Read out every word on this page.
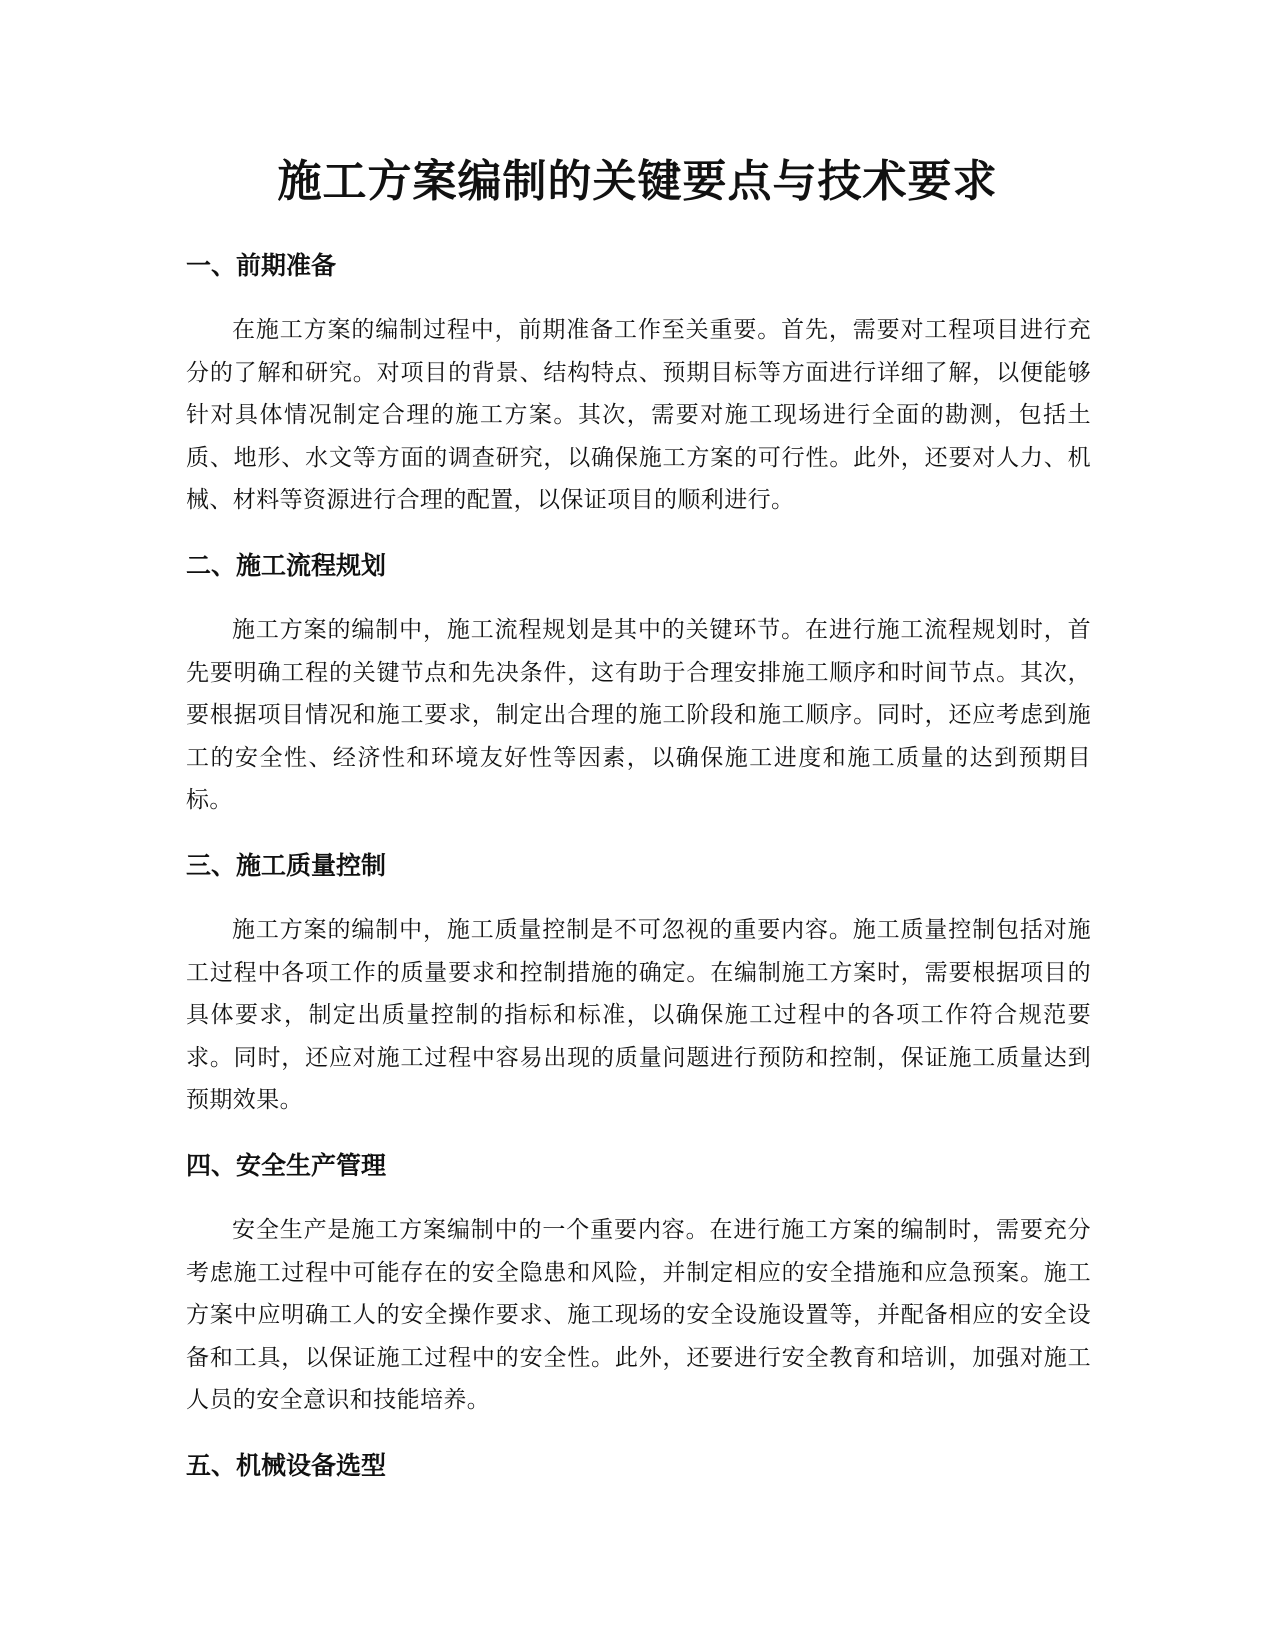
施工方案编制的关键要点与技术要求
一、前期准备

在施工方案的编制过程中，前期准备工作至关重要。首先，需要对工程项目进行充分的了解和研究。对项目的背景、结构特点、预期目标等方面进行详细了解，以便能够针对具体情况制定合理的施工方案。其次，需要对施工现场进行全面的勘测，包括土质、地形、水文等方面的调查研究，以确保施工方案的可行性。此外，还要对人力、机械、材料等资源进行合理的配置，以保证项目的顺利进行。

二、施工流程规划

施工方案的编制中，施工流程规划是其中的关键环节。在进行施工流程规划时，首先要明确工程的关键节点和先决条件，这有助于合理安排施工顺序和时间节点。其次，要根据项目情况和施工要求，制定出合理的施工阶段和施工顺序。同时，还应考虑到施工的安全性、经济性和环境友好性等因素，以确保施工进度和施工质量的达到预期目标。

三、施工质量控制

施工方案的编制中，施工质量控制是不可忽视的重要内容。施工质量控制包括对施工过程中各项工作的质量要求和控制措施的确定。在编制施工方案时，需要根据项目的具体要求，制定出质量控制的指标和标准，以确保施工过程中的各项工作符合规范要求。同时，还应对施工过程中容易出现的质量问题进行预防和控制，保证施工质量达到预期效果。

四、安全生产管理

安全生产是施工方案编制中的一个重要内容。在进行施工方案的编制时，需要充分考虑施工过程中可能存在的安全隐患和风险，并制定相应的安全措施和应急预案。施工方案中应明确工人的安全操作要求、施工现场的安全设施设置等，并配备相应的安全设备和工具，以保证施工过程中的安全性。此外，还要进行安全教育和培训，加强对施工人员的安全意识和技能培养。

五、机械设备选型
